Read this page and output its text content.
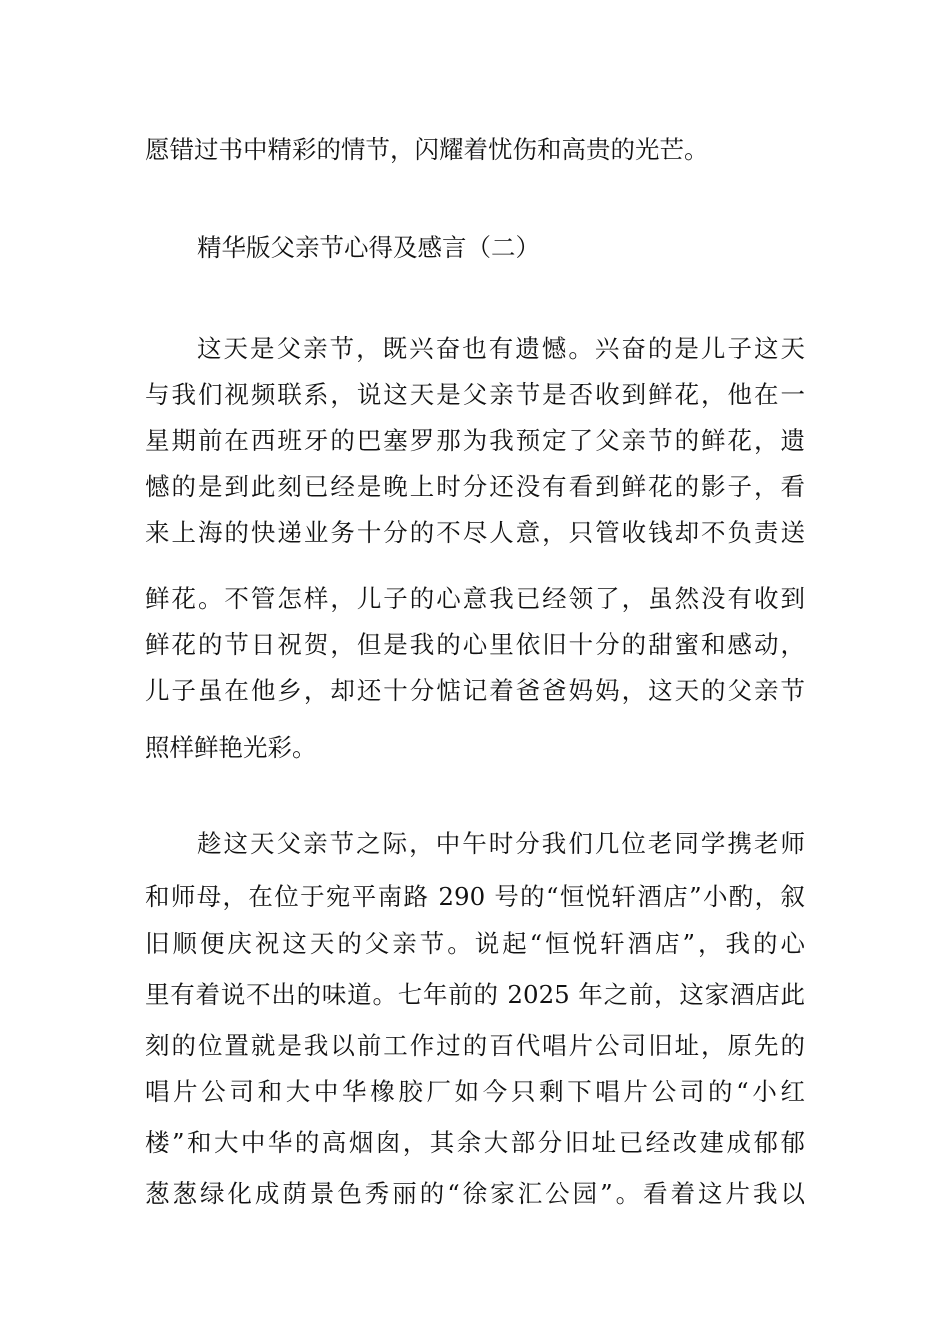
愿错过书中精彩的情节，闪耀着忧伤和高贵的光芒。
精华版父亲节心得及感言（二）
这天是父亲节，既兴奋也有遗憾。兴奋的是儿子这天
与我们视频联系，说这天是父亲节是否收到鲜花，他在一
星期前在西班牙的巴塞罗那为我预定了父亲节的鲜花，遗
憾的是到此刻已经是晚上时分还没有看到鲜花的影子，看
来上海的快递业务十分的不尽人意，只管收钱却不负责送
鲜花。不管怎样，儿子的心意我已经领了，虽然没有收到
鲜花的节日祝贺，但是我的心里依旧十分的甜蜜和感动，
儿子虽在他乡，却还十分惦记着爸爸妈妈，这天的父亲节
照样鲜艳光彩。
趁这天父亲节之际，中午时分我们几位老同学携老师
和师母，在位于宛平南路 290 号的“恒悦轩酒店”小酌，叙
旧顺便庆祝这天的父亲节。说起“恒悦轩酒店”，我的心
里有着说不出的味道。七年前的 2025 年之前，这家酒店此
刻的位置就是我以前工作过的百代唱片公司旧址，原先的
唱片公司和大中华橡胶厂如今只剩下唱片公司的“小红
楼”和大中华的高烟囱，其余大部分旧址已经改建成郁郁
葱葱绿化成荫景色秀丽的“徐家汇公园”。看着这片我以
